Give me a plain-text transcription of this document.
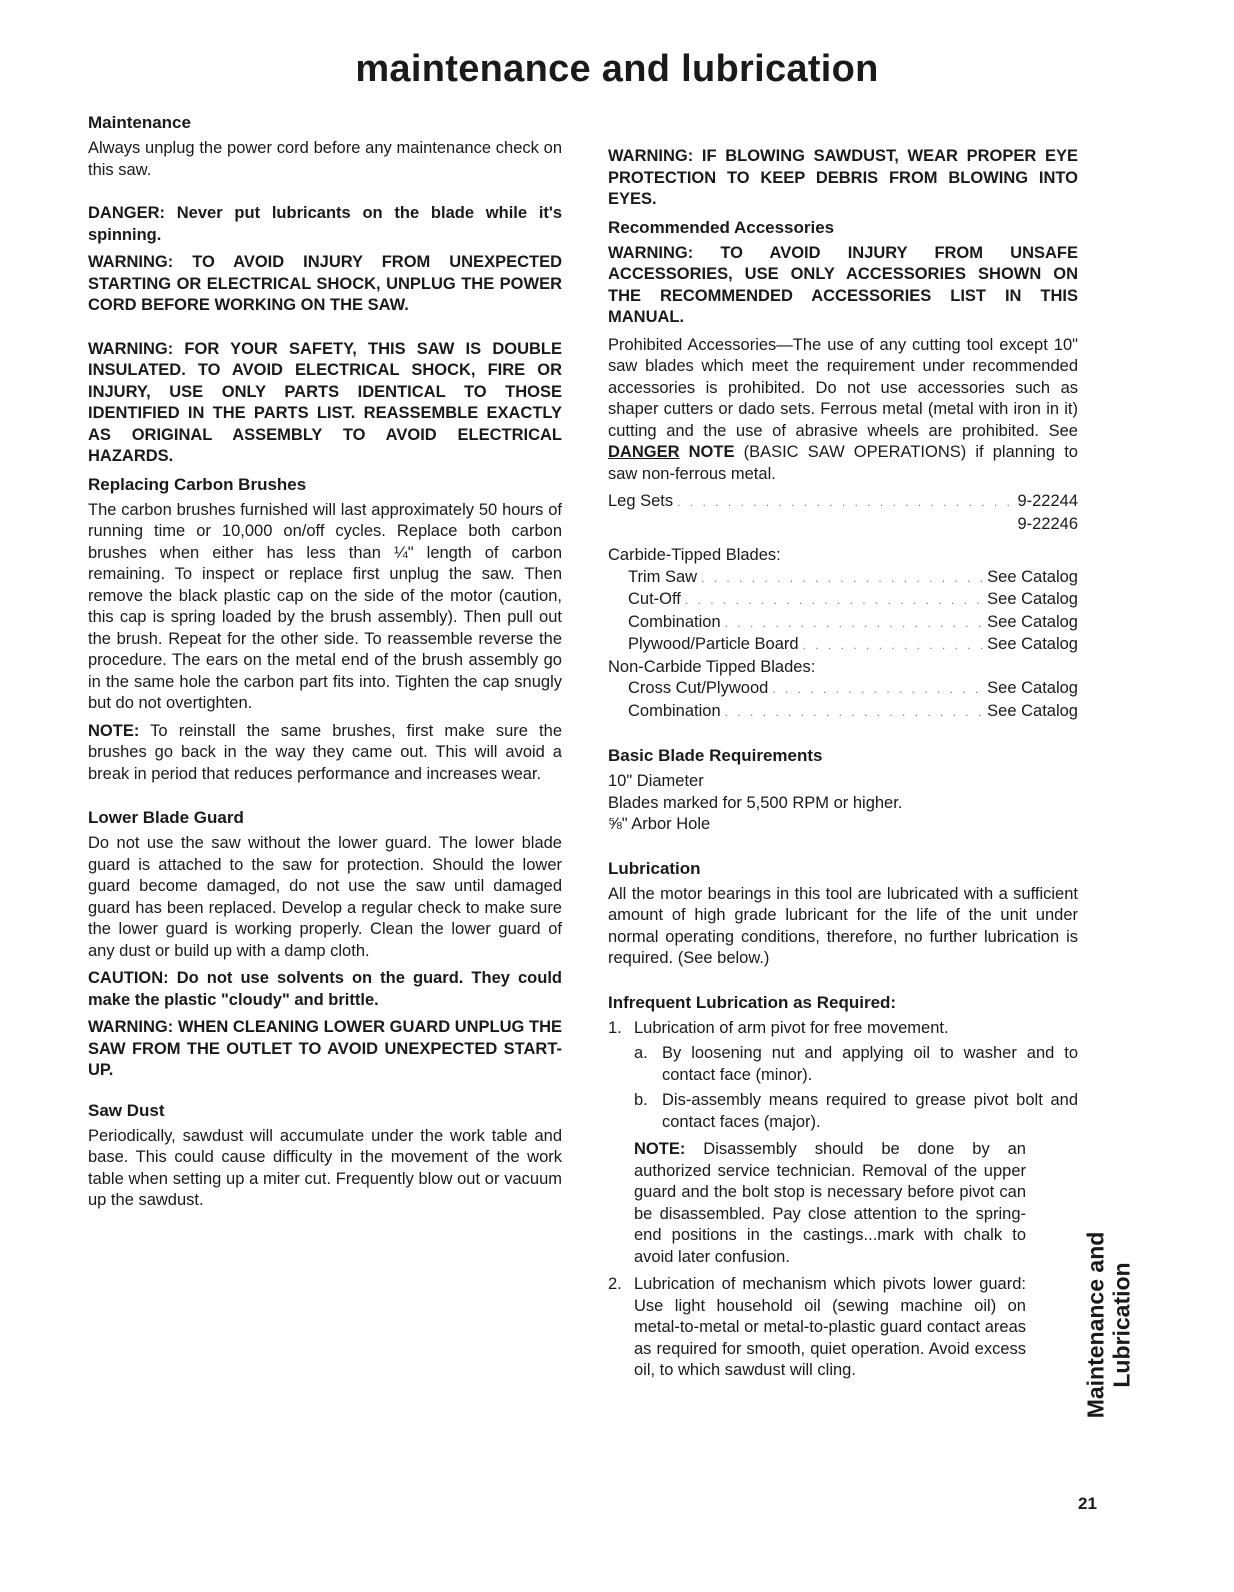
maintenance and lubrication
Maintenance

Always unplug the power cord before any maintenance check on this saw.

DANGER: Never put lubricants on the blade while it's spinning.

WARNING: TO AVOID INJURY FROM UNEXPECTED STARTING OR ELECTRICAL SHOCK, UNPLUG THE POWER CORD BEFORE WORKING ON THE SAW.

WARNING: FOR YOUR SAFETY, THIS SAW IS DOUBLE INSULATED. TO AVOID ELECTRICAL SHOCK, FIRE OR INJURY, USE ONLY PARTS IDENTICAL TO THOSE IDENTIFIED IN THE PARTS LIST. REASSEMBLE EXACTLY AS ORIGINAL ASSEMBLY TO AVOID ELECTRICAL HAZARDS.

Replacing Carbon Brushes

The carbon brushes furnished will last approximately 50 hours of running time or 10,000 on/off cycles. Replace both carbon brushes when either has less than ¼" length of carbon remaining. To inspect or replace first unplug the saw. Then remove the black plastic cap on the side of the motor (caution, this cap is spring loaded by the brush assembly). Then pull out the brush. Repeat for the other side. To reassemble reverse the procedure. The ears on the metal end of the brush assembly go in the same hole the carbon part fits into. Tighten the cap snugly but do not overtighten.

NOTE: To reinstall the same brushes, first make sure the brushes go back in the way they came out. This will avoid a break in period that reduces performance and increases wear.

Lower Blade Guard

Do not use the saw without the lower guard. The lower blade guard is attached to the saw for protection. Should the lower guard become damaged, do not use the saw until damaged guard has been replaced. Develop a regular check to make sure the lower guard is working properly. Clean the lower guard of any dust or build up with a damp cloth.

CAUTION: Do not use solvents on the guard. They could make the plastic "cloudy" and brittle.

WARNING: WHEN CLEANING LOWER GUARD UNPLUG THE SAW FROM THE OUTLET TO AVOID UNEXPECTED START-UP.

Saw Dust

Periodically, sawdust will accumulate under the work table and base. This could cause difficulty in the movement of the work table when setting up a miter cut. Frequently blow out or vacuum up the sawdust.

WARNING: IF BLOWING SAWDUST, WEAR PROPER EYE PROTECTION TO KEEP DEBRIS FROM BLOWING INTO EYES.

Recommended Accessories

WARNING: TO AVOID INJURY FROM UNSAFE ACCESSORIES, USE ONLY ACCESSORIES SHOWN ON THE RECOMMENDED ACCESSORIES LIST IN THIS MANUAL.

Prohibited Accessories—The use of any cutting tool except 10" saw blades which meet the requirement under recommended accessories is prohibited. Do not use accessories such as shaper cutters or dado sets. Ferrous metal (metal with iron in it) cutting and the use of abrasive wheels are prohibited. See DANGER NOTE (BASIC SAW OPERATIONS) if planning to saw non-ferrous metal.

Leg Sets . . .	9-22244
9-22246
Carbide-Tipped Blades:
Trim Saw . . .	See Catalog
Cut-Off . . .	See Catalog
Combination . . .	See Catalog
Plywood/Particle Board . . .	See Catalog
Non-Carbide Tipped Blades:
Cross Cut/Plywood . . .	See Catalog
Combination . . .	See Catalog
Basic Blade Requirements

10" Diameter

Blades marked for 5,500 RPM or higher.

⅝" Arbor Hole

Lubrication

All the motor bearings in this tool are lubricated with a sufficient amount of high grade lubricant for the life of the unit under normal operating conditions, therefore, no further lubrication is required. (See below.)

Infrequent Lubrication as Required:
1. Lubrication of arm pivot for free movement.
a. By loosening nut and applying oil to washer and to contact face (minor).
b. Dis-assembly means required to grease pivot bolt and contact faces (major).

NOTE: Disassembly should be done by an authorized service technician. Removal of the upper guard and the bolt stop is necessary before pivot can be disassembled. Pay close attention to the spring-end positions in the castings...mark with chalk to avoid later confusion.

2. Lubrication of mechanism which pivots lower guard: Use light household oil (sewing machine oil) on metal-to-metal or metal-to-plastic guard contact areas as required for smooth, quiet operation. Avoid excess oil, to which sawdust will cling.	Maintenance and Lubrication
21
